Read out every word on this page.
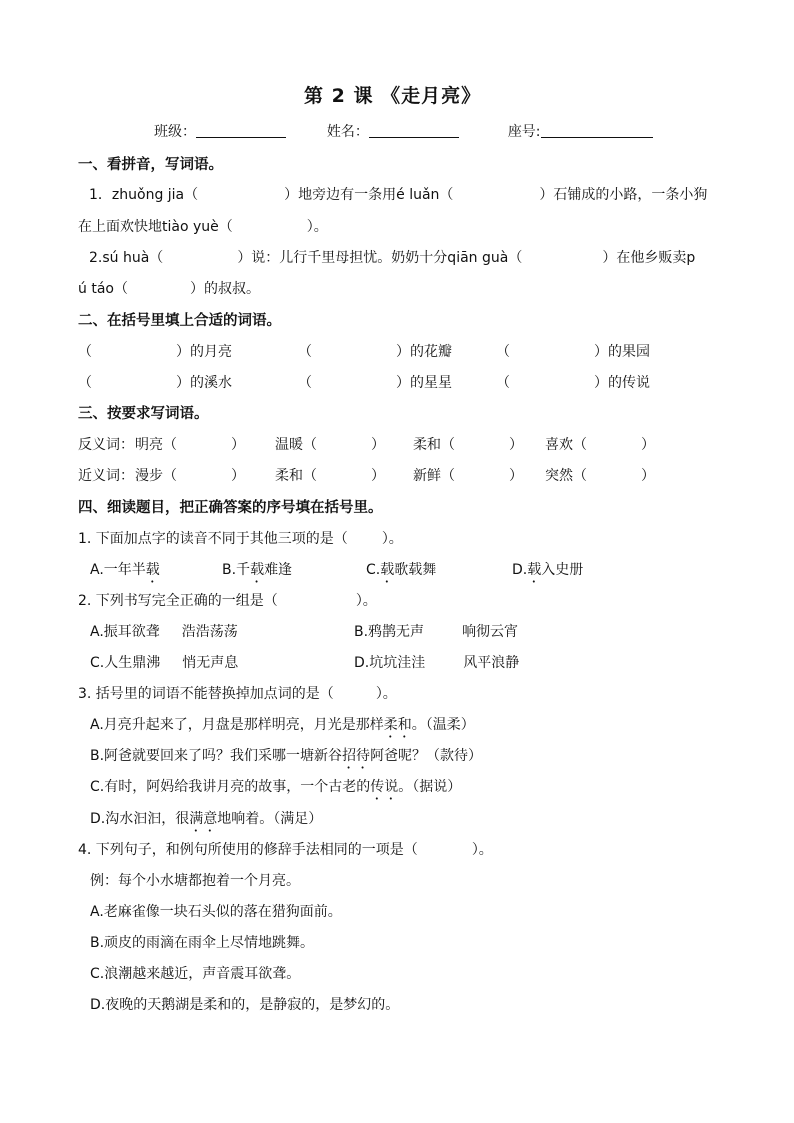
第 2 课 《走月亮》
班级：	姓名：	座号:
一、看拼音，写词语。
1．zhuǒng jia（	）地旁边有一条用é luǎn（	）石铺成的小路，一条小狗
在上面欢快地tiào yuè（	）。
2.sú huà（	）说：儿行千里母担忧。奶奶十分qiān guà（	）在他乡贩卖p
ú táo（	）的叔叔。
二、在括号里填上合适的词语。
（	）的月亮	（	）的花瓣	（	）的果园
（	）的溪水	（	）的星星	（	）的传说
三、按要求写词语。
反义词： 明亮（	） 温暖（	） 柔和（	） 喜欢（	）
近义词： 漫步（	） 柔和（	） 新鲜（	） 突然（	）
四、细读题目，把正确答案的序号填在括号里。
1. 下面加点字的读音不同于其他三项的是（ ）。
A.一年半载	B.千载难逢	C.载歌载舞	D.载入史册
2. 下列书写完全正确的一组是（	）。
A.振耳欲聋 浩浩荡荡	B.鸦鹊无声	响彻云宵
C.人生鼎沸 悄无声息	D.坑坑洼洼	风平浪静
3. 括号里的词语不能替换掉加点词的是（	）。
A.月亮升起来了，月盘是那样明亮，月光是那样柔和。（温柔）
B.阿爸就要回来了吗？我们采哪一塘新谷招待阿爸呢？（款待）
C.有时，阿妈给我讲月亮的故事，一个古老的传说。（据说）
D.沟水汩汩，很满意地响着。（满足）
4. 下列句子，和例句所使用的修辞手法相同的一项是（	）。
例：每个小水塘都抱着一个月亮。
A.老麻雀像一块石头似的落在猎狗面前。
B.顽皮的雨滴在雨伞上尽情地跳舞。
C.浪潮越来越近，声音震耳欲聋。
D.夜晚的天鹅湖是柔和的，是静寂的，是梦幻的。
